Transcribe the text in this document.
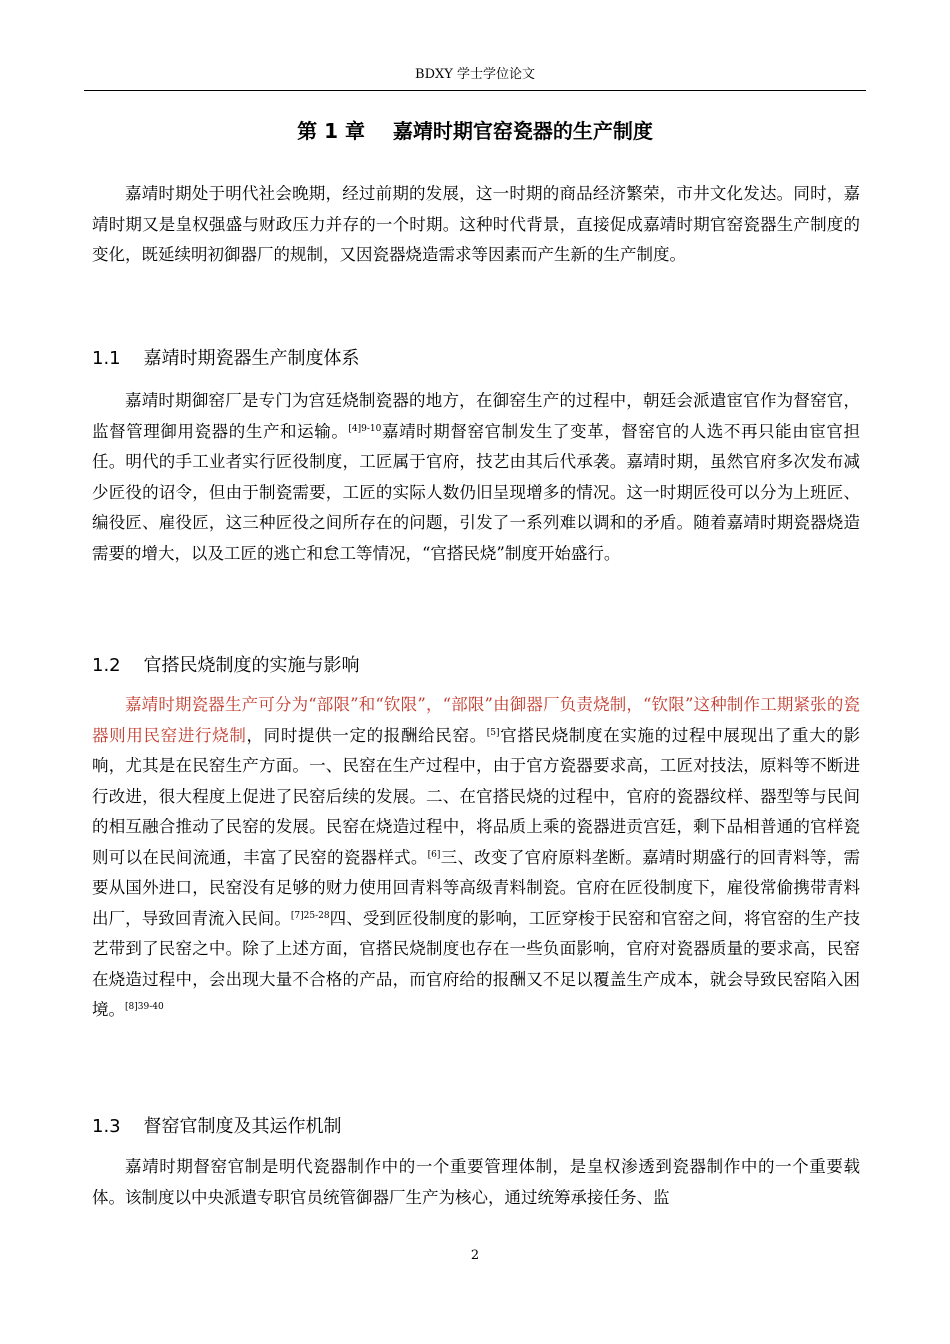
BDXY 学士学位论文
第 1 章    嘉靖时期官窑瓷器的生产制度

嘉靖时期处于明代社会晚期，经过前期的发展，这一时期的商品经济繁荣，市井文化发达。同时，嘉靖时期又是皇权强盛与财政压力并存的一个时期。这种时代背景，直接促成嘉靖时期官窑瓷器生产制度的变化，既延续明初御器厂的规制，又因瓷器烧造需求等因素而产生新的生产制度。

1.1    嘉靖时期瓷器生产制度体系

嘉靖时期御窑厂是专门为宫廷烧制瓷器的地方，在御窑生产的过程中，朝廷会派遣宦官作为督窑官，监督管理御用瓷器的生产和运输。$^{[4]9-10}$嘉靖时期督窑官制发生了变革，督窑官的人选不再只能由宦官担任。明代的手工业者实行匠役制度，工匠属于官府，技艺由其后代承袭。嘉靖时期，虽然官府多次发布减少匠役的诏令，但由于制瓷需要，工匠的实际人数仍旧呈现增多的情况。这一时期匠役可以分为上班匠、编役匠、雇役匠，这三种匠役之间所存在的问题，引发了一系列难以调和的矛盾。随着嘉靖时期瓷器烧造需要的增大，以及工匠的逃亡和怠工等情况，“官搭民烧”制度开始盛行。

1.2    官搭民烧制度的实施与影响

嘉靖时期瓷器生产可分为“部限”和“钦限”，“部限”由御器厂负责烧制，“钦限”这种制作工期紧张的瓷器则用民窑进行烧制，同时提供一定的报酬给民窑。[5]官搭民烧制度在实施的过程中展现出了重大的影响，尤其是在民窑生产方面。一、民窑在生产过程中，由于官方瓷器要求高，工匠对技法，原料等不断进行改进，很大程度上促进了民窑后续的发展。二、在官搭民烧的过程中，官府的瓷器纹样、器型等与民间的相互融合推动了民窑的发展。民窑在烧造过程中，将品质上乘的瓷器进贡宫廷，剩下品相普通的官样瓷则可以在民间流通，丰富了民窑的瓷器样式。[6]三、改变了官府原料垄断。嘉靖时期盛行的回青料等，需要从国外进口，民窑没有足够的财力使用回青料等高级青料制瓷。官府在匠役制度下，雇役常偷携带青料出厂，导致回青流入民间。$^{[7]25-28}$四、受到匠役制度的影响，工匠穿梭于民窑和官窑之间，将官窑的生产技艺带到了民窑之中。除了上述方面，官搭民烧制度也存在一些负面影响，官府对瓷器质量的要求高，民窑在烧造过程中，会出现大量不合格的产品，而官府给的报酬又不足以覆盖生产成本，就会导致民窑陷入困境。$^{[8]39-40}$

1.3    督窑官制度及其运作机制

嘉靖时期督窑官制是明代瓷器制作中的一个重要管理体制，是皇权渗透到瓷器制作中的一个重要载体。该制度以中央派遣专职官员统管御器厂生产为核心，通过统筹承接任务、监

2
